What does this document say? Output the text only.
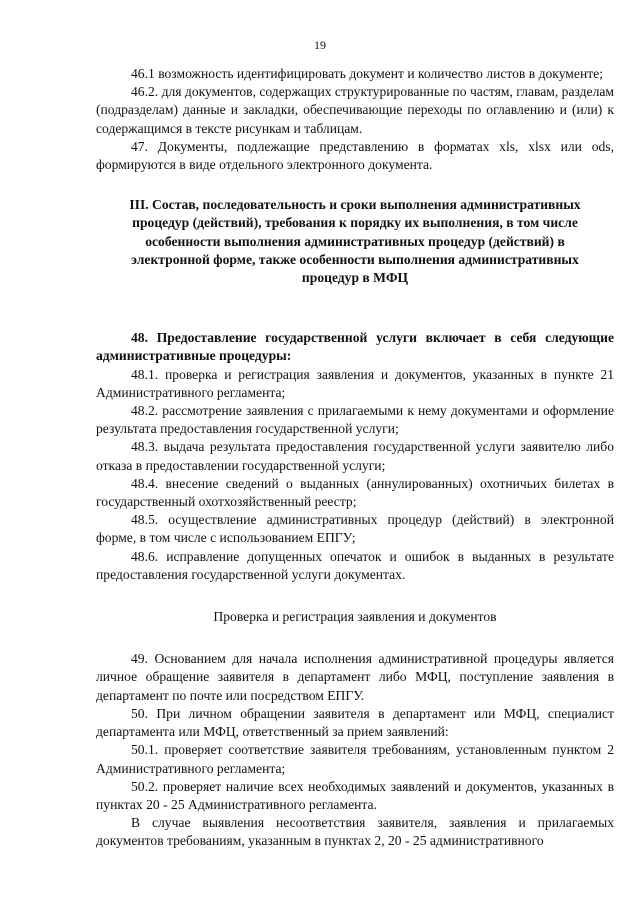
19

46.1 возможность идентифицировать документ и количество листов в документе;

46.2. для документов, содержащих структурированные по частям, главам, разделам (подразделам) данные и закладки, обеспечивающие переходы по оглавлению и (или) к содержащимся в тексте рисункам и таблицам.

47. Документы, подлежащие представлению в форматах xls, xlsx или ods, формируются в виде отдельного электронного документа.

III. Состав, последовательность и сроки выполнения административных процедур (действий), требования к порядку их выполнения, в том числе особенности выполнения административных процедур (действий) в электронной форме, также особенности выполнения административных процедур в МФЦ

48. Предоставление государственной услуги включает в себя следующие административные процедуры:

48.1. проверка и регистрация заявления и документов, указанных в пункте 21 Административного регламента;

48.2. рассмотрение заявления с прилагаемыми к нему документами и оформление результата предоставления государственной услуги;

48.3. выдача результата предоставления государственной услуги заявителю либо отказа в предоставлении государственной услуги;

48.4. внесение сведений о выданных (аннулированных) охотничьих билетах в государственный охотхозяйственный реестр;

48.5. осуществление административных процедур (действий) в электронной форме, в том числе с использованием ЕПГУ;

48.6. исправление допущенных опечаток и ошибок в выданных в результате предоставления государственной услуги документах.

Проверка и регистрация заявления и документов

49. Основанием для начала исполнения административной процедуры является личное обращение заявителя в департамент либо МФЦ, поступление заявления в департамент по почте или посредством ЕПГУ.

50. При личном обращении заявителя в департамент или МФЦ, специалист департамента или МФЦ, ответственный за прием заявлений:

50.1. проверяет соответствие заявителя требованиям, установленным пунктом 2 Административного регламента;

50.2. проверяет наличие всех необходимых заявлений и документов, указанных в пунктах 20 - 25 Административного регламента.

В случае выявления несоответствия заявителя, заявления и прилагаемых документов требованиям, указанным в пунктах 2, 20 - 25 административного
